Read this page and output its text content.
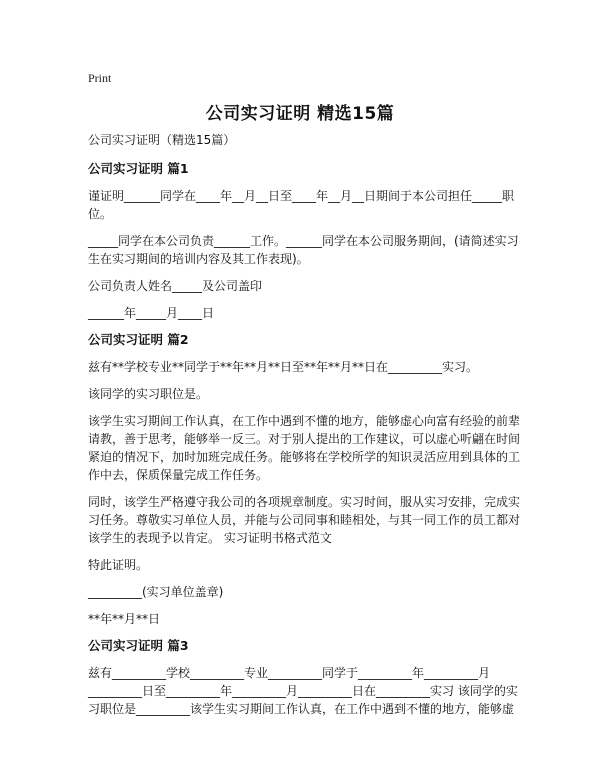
Print
公司实习证明 精选15篇

公司实习证明（精选15篇）

公司实习证明 篇1

谨证明______同学在____年__月__日至____年__月__日期间于本公司担任_____职位。

_____同学在本公司负责______工作。______同学在本公司服务期间，(请简述实习生在实习期间的培训内容及其工作表现)。

公司负责人姓名_____及公司盖印

______年_____月____日

公司实习证明 篇2

兹有**学校专业**同学于**年**月**日至**年**月**日在_________实习。

该同学的实习职位是。

该学生实习期间工作认真，在工作中遇到不懂的地方，能够虚心向富有经验的前辈请教，善于思考，能够举一反三。对于别人提出的工作建议，可以虚心听翩在时间紧迫的情况下，加时加班完成任务。能够将在学校所学的知识灵活应用到具体的工作中去，保质保量完成工作任务。

同时，该学生严格遵守我公司的各项规章制度。实习时间，服从实习安排，完成实习任务。尊敬实习单位人员，并能与公司同事和睦相处，与其一同工作的员工都对该学生的表现予以肯定。 实习证明书格式范文

特此证明。

_________(实习单位盖章)

**年**月**日

公司实习证明 篇3

兹有_________学校_________专业_________同学于_________年_________月_________日至_________年_________月_________日在_________实习 该同学的实习职位是_________该学生实习期间工作认真，在工作中遇到不懂的地方，能够虚
